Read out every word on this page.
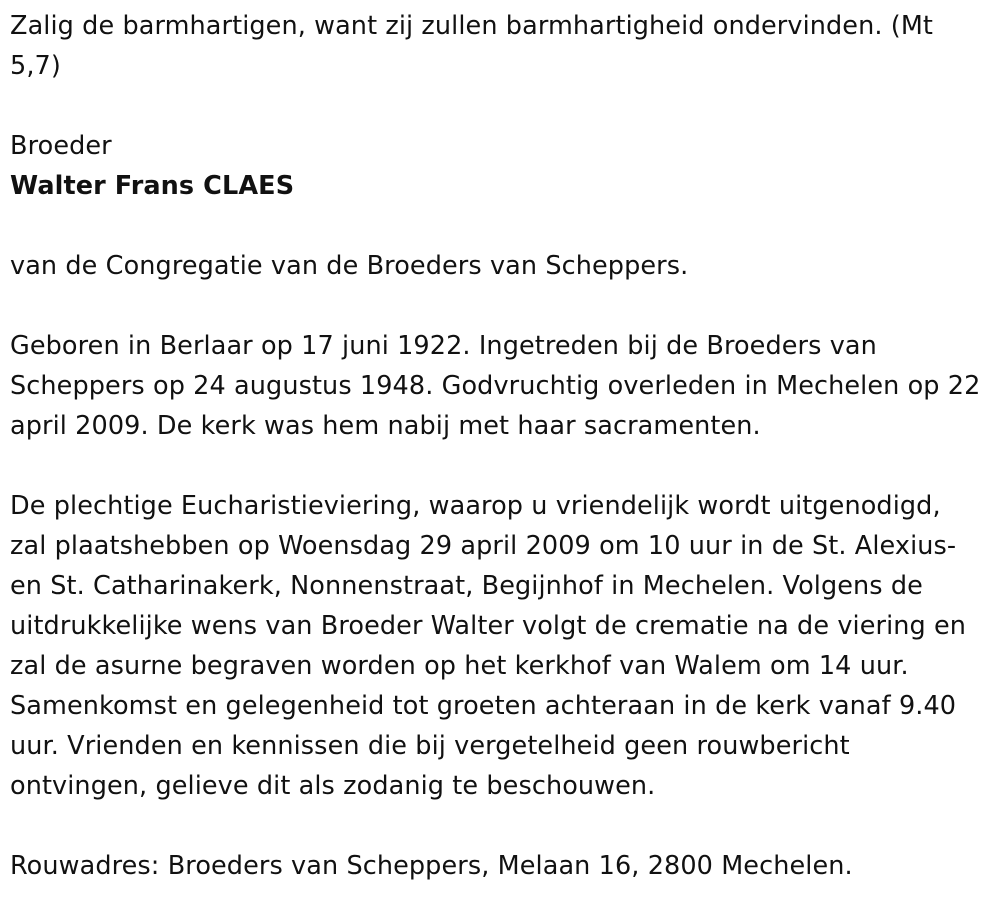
Zalig de barmhartigen, want zij zullen barmhartigheid ondervinden. (Mt 5,7)

Broeder

Walter Frans CLAES

van de Congregatie van de Broeders van Scheppers.

Geboren in Berlaar op 17 juni 1922. Ingetreden bij de Broeders van Scheppers op 24 augustus 1948. Godvruchtig overleden in Mechelen op 22 april 2009. De kerk was hem nabij met haar sacramenten.

De plechtige Eucharistieviering, waarop u vriendelijk wordt uitgenodigd, zal plaatshebben op Woensdag 29 april 2009 om 10 uur in de St. Alexius-en St. Catharinakerk, Nonnenstraat, Begijnhof in Mechelen. Volgens de uitdrukkelijke wens van Broeder Walter volgt de crematie na de viering en zal de asurne begraven worden op het kerkhof van Walem om 14 uur. Samenkomst en gelegenheid tot groeten achteraan in de kerk vanaf 9.40 uur. Vrienden en kennissen die bij vergetelheid geen rouwbericht ontvingen, gelieve dit als zodanig te beschouwen.

Rouwadres: Broeders van Scheppers, Melaan 16, 2800 Mechelen.
